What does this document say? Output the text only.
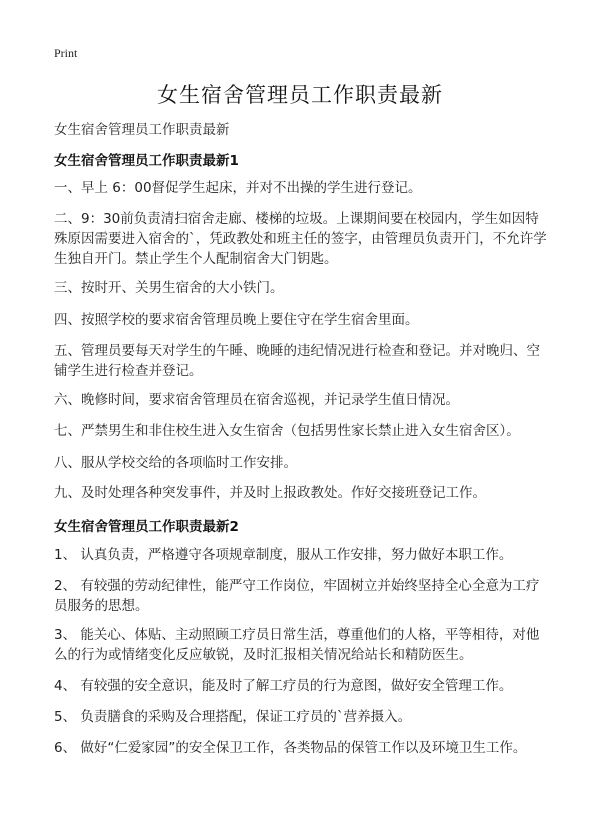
Print
女生宿舍管理员工作职责最新
女生宿舍管理员工作职责最新
女生宿舍管理员工作职责最新1

一、早上 6：00督促学生起床，并对不出操的学生进行登记。

二、9：30前负责清扫宿舍走廊、楼梯的垃圾。上课期间要在校园内，学生如因特殊原因需要进入宿舍的`，凭政教处和班主任的签字，由管理员负责开门，不允许学生独自开门。禁止学生个人配制宿舍大门钥匙。

三、按时开、关男生宿舍的大小铁门。

四、按照学校的要求宿舍管理员晚上要住守在学生宿舍里面。

五、管理员要每天对学生的午睡、晚睡的违纪情况进行检查和登记。并对晚归、空铺学生进行检查并登记。

六、晚修时间，要求宿舍管理员在宿舍巡视，并记录学生值日情况。

七、严禁男生和非住校生进入女生宿舍（包括男性家长禁止进入女生宿舍区）。

八、服从学校交给的各项临时工作安排。

九、及时处理各种突发事件，并及时上报政教处。作好交接班登记工作。

女生宿舍管理员工作职责最新2

1、 认真负责，严格遵守各项规章制度，服从工作安排，努力做好本职工作。

2、 有较强的劳动纪律性，能严守工作岗位，牢固树立并始终坚持全心全意为工疗员服务的思想。

3、 能关心、体贴、主动照顾工疗员日常生活，尊重他们的人格，平等相待，对他么的行为或情绪变化反应敏锐，及时汇报相关情况给站长和精防医生。

4、 有较强的安全意识，能及时了解工疗员的行为意图，做好安全管理工作。

5、 负责膳食的采购及合理搭配，保证工疗员的`营养摄入。

6、 做好“仁爱家园”的安全保卫工作，各类物品的保管工作以及环境卫生工作。
